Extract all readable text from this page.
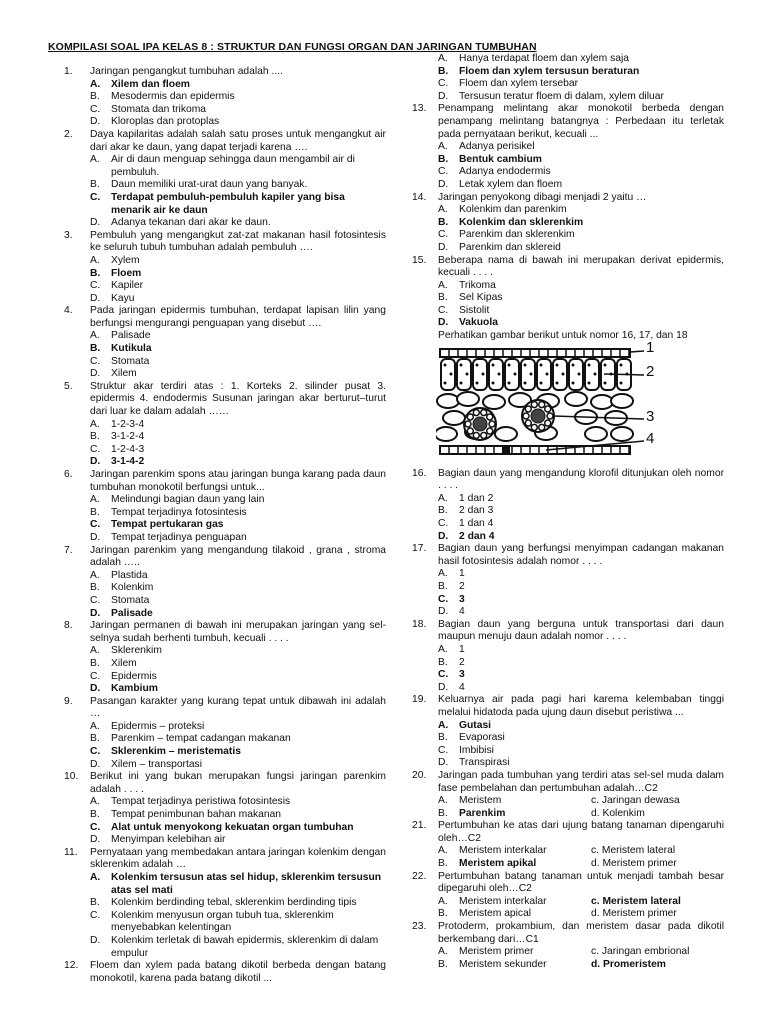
KOMPILASI SOAL IPA KELAS 8 : STRUKTUR DAN FUNGSI ORGAN DAN JARINGAN TUMBUHAN
1. Jaringan pengangkut tumbuhan adalah ....
A. Xilem dan floem
B. Mesodermis dan epidermis
C. Stomata dan trikoma
D. Kloroplas dan protoplas
2. Daya kapilaritas adalah salah satu proses untuk mengangkut air dari akar ke daun, yang dapat terjadi karena ….
A. Air di daun menguap sehingga daun mengambil air di pembuluh.
B. Daun memiliki urat-urat daun yang banyak.
C. Terdapat pembuluh-pembuluh kapiler yang bisa menarik air ke daun
D. Adanya tekanan dari akar ke daun.
3. Pembuluh yang mengangkut zat-zat makanan hasil fotosintesis ke seluruh tubuh tumbuhan adalah pembuluh ….
A. Xylem
B. Floem
C. Kapiler
D. Kayu
4. Pada jaringan epidermis tumbuhan, terdapat lapisan lilin yang berfungsi mengurangi penguapan yang disebut ….
A. Palisade
B. Kutikula
C. Stomata
D. Xilem
5. Struktur akar terdiri atas : 1. Korteks 2. silinder pusat 3. epidermis 4. endodermis Susunan jaringan akar berturut–turut dari luar ke dalam adalah ……
A. 1-2-3-4
B. 3-1-2-4
C. 1-2-4-3
D. 3-1-4-2
6. Jaringan parenkim spons atau jaringan bunga karang pada daun tumbuhan monokotil berfungsi untuk...
A. Melindungi bagian daun yang lain
B. Tempat terjadinya fotosintesis
C. Tempat pertukaran gas
D. Tempat terjadinya penguapan
7. Jaringan parenkim yang mengandung tilakoid , grana , stroma adalah …..
A. Plastida
B. Kolenkim
C. Stomata
D. Palisade
8. Jaringan permanen di bawah ini merupakan jaringan yang sel-selnya sudah berhenti tumbuh, kecuali . . . .
A. Sklerenkim
B. Xilem
C. Epidermis
D. Kambium
9. Pasangan karakter yang kurang tepat untuk dibawah ini adalah …
A. Epidermis – proteksi
B. Parenkim – tempat cadangan makanan
C. Sklerenkim – meristematis
D. Xilem – transportasi
10. Berikut ini yang bukan merupakan fungsi jaringan parenkim adalah . . . .
A. Tempat terjadinya peristiwa fotosintesis
B. Tempat penimbunan bahan makanan
C. Alat untuk menyokong kekuatan organ tumbuhan
D. Menyimpan kelebihan air
11. Pernyataan yang membedakan antara jaringan kolenkim dengan sklerenkim adalah …
A. Kolenkim tersusun atas sel hidup, sklerenkim tersusun atas sel mati
B. Kolenkim berdinding tebal, sklerenkim berdinding tipis
C. Kolenkim menyusun organ tubuh tua, sklerenkim menyebabkan kelentingan
D. Kolenkim terletak di bawah epidermis, sklerenkim di dalam empulur
12. Floem dan xylem pada batang dikotil berbeda dengan batang monokotil, karena pada batang dikotil ...
A. Hanya terdapat floem dan xylem saja
B. Floem dan xylem tersusun beraturan
C. Floem dan xylem tersebar
D. Tersusun teratur floem di dalam, xylem diluar
13. Penampang melintang akar monokotil berbeda dengan penampang melintang batangnya : Perbedaan itu terletak pada pernyataan berikut, kecuali ...
A. Adanya perisikel
B. Bentuk cambium
C. Adanya endodermis
D. Letak xylem dan floem
14. Jaringan penyokong dibagi menjadi 2 yaitu …
A. Kolenkim dan parenkim
B. Kolenkim dan sklerenkim
C. Parenkim dan sklerenkim
D. Parenkim dan sklereid
15. Beberapa nama di bawah ini merupakan derivat epidermis, kecuali . . . .
A. Trikoma
B. Sel Kipas
C. Sistolit
D. Vakuola
Perhatikan gambar berikut untuk nomor 16, 17, dan 18
1
2
3
4
16. Bagian daun yang mengandung klorofil ditunjukan oleh nomor . . . .
A. 1 dan 2
B. 2 dan 3
C. 1 dan 4
D. 2 dan 4
17. Bagian daun yang berfungsi menyimpan cadangan makanan hasil fotosintesis adalah nomor . . . .
A. 1
B. 2
C. 3
D. 4
18. Bagian daun yang berguna untuk transportasi dari daun maupun menuju daun adalah nomor . . . .
A. 1
B. 2
C. 3
D. 4
19. Keluarnya air pada pagi hari karema kelembaban tinggi melalui hidatoda pada ujung daun disebut peristiwa ...
A. Gutasi
B. Evaporasi
C. Imbibisi
D. Transpirasi
20. Jaringan pada tumbuhan yang terdiri atas sel-sel muda dalam fase pembelahan dan pertumbuhan adalah…C2
A. Meristem	c. Jaringan dewasa
B. Parenkim	d. Kolenkim
21. Pertumbuhan ke atas dari ujung batang tanaman dipengaruhi oleh…C2
A. Meristem interkalar	c. Meristem lateral
B. Meristem apikal	d. Meristem primer
22. Pertumbuhan batang tanaman untuk menjadi tambah besar dipegaruhi oleh…C2
A. Meristem interkalar	c. Meristem lateral
B. Meristem apical	d. Meristem primer
23. Protoderm, prokambium, dan meristem dasar pada dikotil berkembang dari…C1
A. Meristem primer	c. Jaringan embrional
B. Meristem sekunder	d. Promeristem
